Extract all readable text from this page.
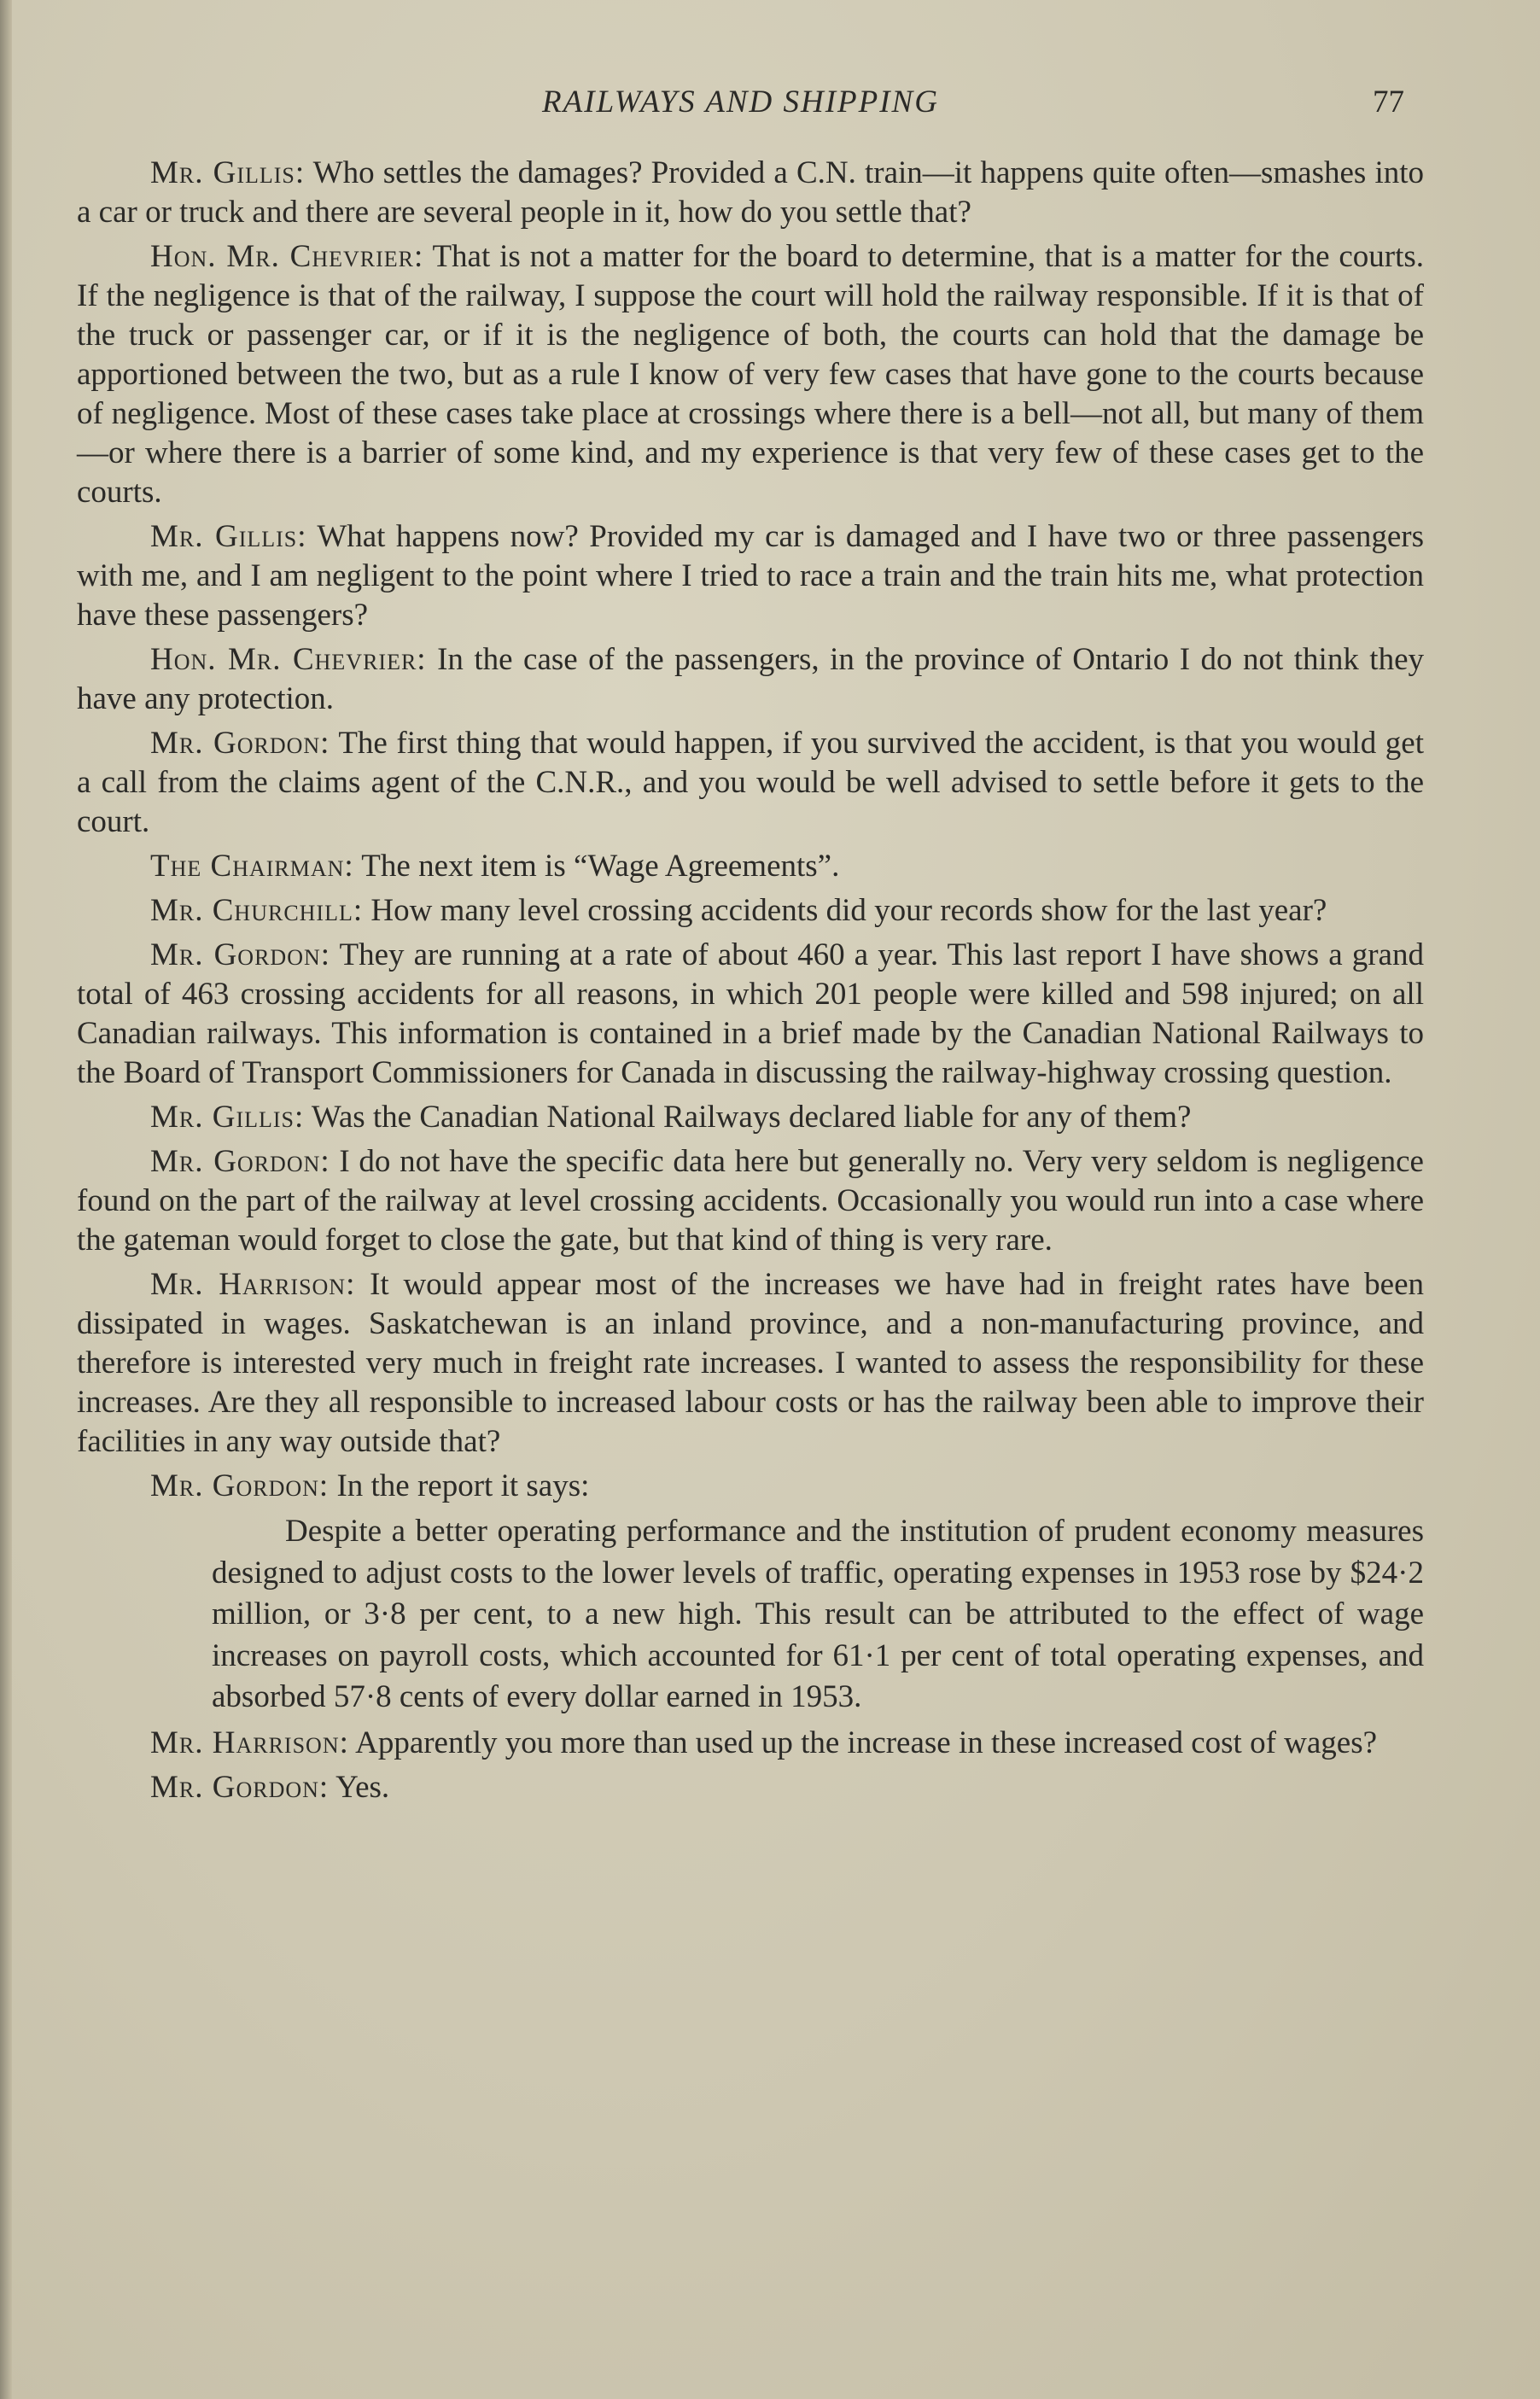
RAILWAYS AND SHIPPING	77

Mr. Gillis: Who settles the damages? Provided a C.N. train—it happens quite often—smashes into a car or truck and there are several people in it, how do you settle that?

Hon. Mr. Chevrier: That is not a matter for the board to determine, that is a matter for the courts. If the negligence is that of the railway, I suppose the court will hold the railway responsible. If it is that of the truck or passenger car, or if it is the negligence of both, the courts can hold that the damage be apportioned between the two, but as a rule I know of very few cases that have gone to the courts because of negligence. Most of these cases take place at crossings where there is a bell—not all, but many of them—or where there is a barrier of some kind, and my experience is that very few of these cases get to the courts.

Mr. Gillis: What happens now? Provided my car is damaged and I have two or three passengers with me, and I am negligent to the point where I tried to race a train and the train hits me, what protection have these passengers?

Hon. Mr. Chevrier: In the case of the passengers, in the province of Ontario I do not think they have any protection.

Mr. Gordon: The first thing that would happen, if you survived the accident, is that you would get a call from the claims agent of the C.N.R., and you would be well advised to settle before it gets to the court.

The Chairman: The next item is “Wage Agreements”.

Mr. Churchill: How many level crossing accidents did your records show for the last year?

Mr. Gordon: They are running at a rate of about 460 a year. This last report I have shows a grand total of 463 crossing accidents for all reasons, in which 201 people were killed and 598 injured; on all Canadian railways. This information is contained in a brief made by the Canadian National Railways to the Board of Transport Commissioners for Canada in discussing the railway-highway crossing question.

Mr. Gillis: Was the Canadian National Railways declared liable for any of them?

Mr. Gordon: I do not have the specific data here but generally no. Very very seldom is negligence found on the part of the railway at level crossing accidents. Occasionally you would run into a case where the gateman would forget to close the gate, but that kind of thing is very rare.

Mr. Harrison: It would appear most of the increases we have had in freight rates have been dissipated in wages. Saskatchewan is an inland province, and a non-manufacturing province, and therefore is interested very much in freight rate increases. I wanted to assess the responsibility for these increases. Are they all responsible to increased labour costs or has the railway been able to improve their facilities in any way outside that?

Mr. Gordon: In the report it says:

Despite a better operating performance and the institution of prudent economy measures designed to adjust costs to the lower levels of traffic, operating expenses in 1953 rose by $24·2 million, or 3·8 per cent, to a new high. This result can be attributed to the effect of wage increases on payroll costs, which accounted for 61·1 per cent of total operating expenses, and absorbed 57·8 cents of every dollar earned in 1953.

Mr. Harrison: Apparently you more than used up the increase in these increased cost of wages?

Mr. Gordon: Yes.
